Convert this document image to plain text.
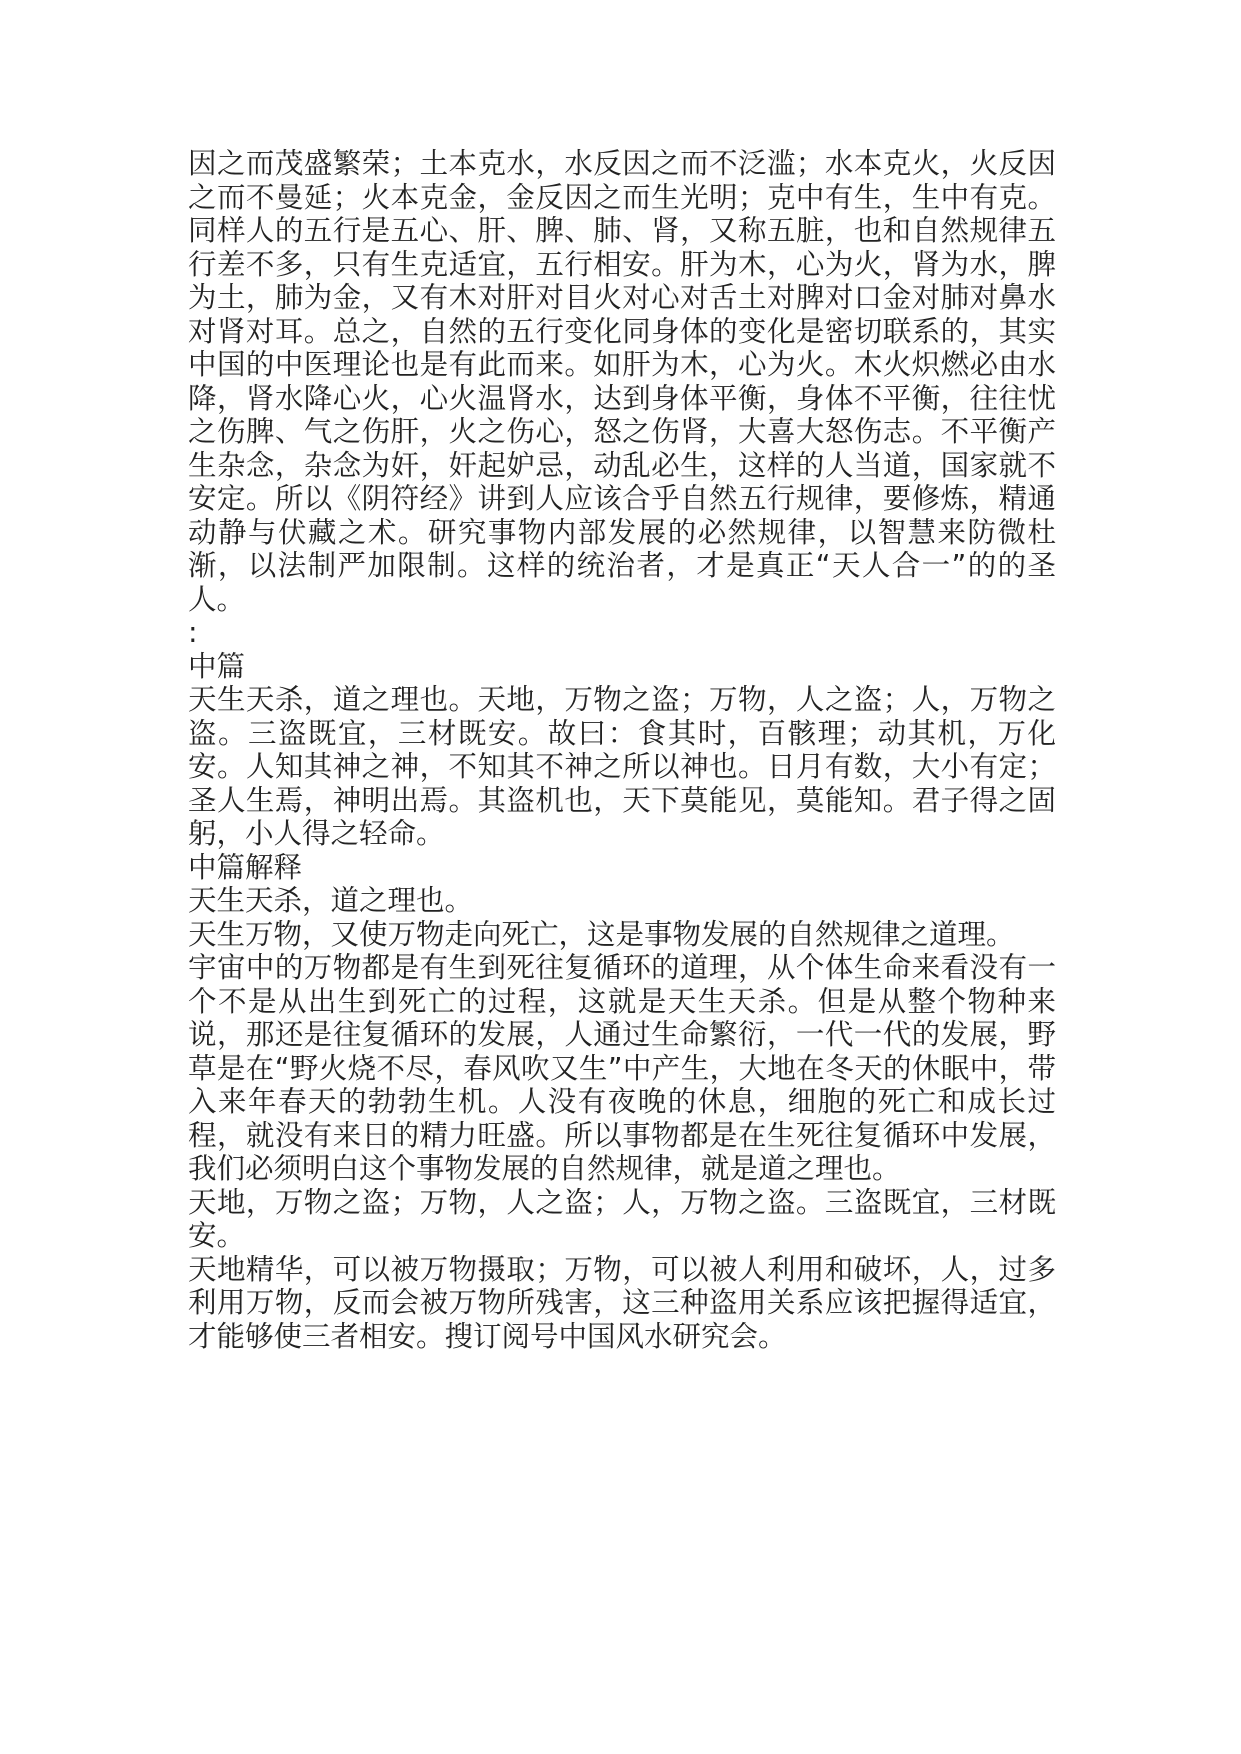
因之而茂盛繁荣；土本克水，水反因之而不泛滥；水本克火，火反因之而不曼延；火本克金，金反因之而生光明；克中有生，生中有克。同样人的五行是五心、肝、脾、肺、肾，又称五脏，也和自然规律五行差不多，只有生克适宜，五行相安。肝为木，心为火，肾为水，脾为土，肺为金，又有木对肝对目火对心对舌土对脾对口金对肺对鼻水对肾对耳。总之，自然的五行变化同身体的变化是密切联系的，其实中国的中医理论也是有此而来。如肝为木，心为火。木火炽燃必由水降，肾水降心火，心火温肾水，达到身体平衡，身体不平衡，往往忧之伤脾、气之伤肝，火之伤心，怒之伤肾，大喜大怒伤志。不平衡产生杂念，杂念为奸，奸起妒忌，动乱必生，这样的人当道，国家就不安定。所以《阴符经》讲到人应该合乎自然五行规律，要修炼，精通动静与伏藏之术。研究事物内部发展的必然规律，以智慧来防微杜渐，以法制严加限制。这样的统治者，才是真正“天人合一”的的圣人。

:

中篇

天生天杀，道之理也。天地，万物之盗；万物，人之盗；人，万物之盗。三盗既宜，三材既安。故曰：食其时，百骸理；动其机，万化安。人知其神之神，不知其不神之所以神也。日月有数，大小有定；圣人生焉，神明出焉。其盗机也，天下莫能见，莫能知。君子得之固躬，小人得之轻命。

中篇解释

天生天杀，道之理也。

天生万物，又使万物走向死亡，这是事物发展的自然规律之道理。

宇宙中的万物都是有生到死往复循环的道理，从个体生命来看没有一个不是从出生到死亡的过程，这就是天生天杀。但是从整个物种来说，那还是往复循环的发展，人通过生命繁衍，一代一代的发展，野草是在“野火烧不尽，春风吹又生”中产生，大地在冬天的休眠中，带入来年春天的勃勃生机。人没有夜晚的休息，细胞的死亡和成长过程，就没有来日的精力旺盛。所以事物都是在生死往复循环中发展，我们必须明白这个事物发展的自然规律，就是道之理也。

天地，万物之盗；万物，人之盗；人，万物之盗。三盗既宜，三材既安。

天地精华，可以被万物摄取；万物，可以被人利用和破坏，人，过多利用万物，反而会被万物所残害，这三种盗用关系应该把握得适宜，才能够使三者相安。搜订阅号中国风水研究会。
